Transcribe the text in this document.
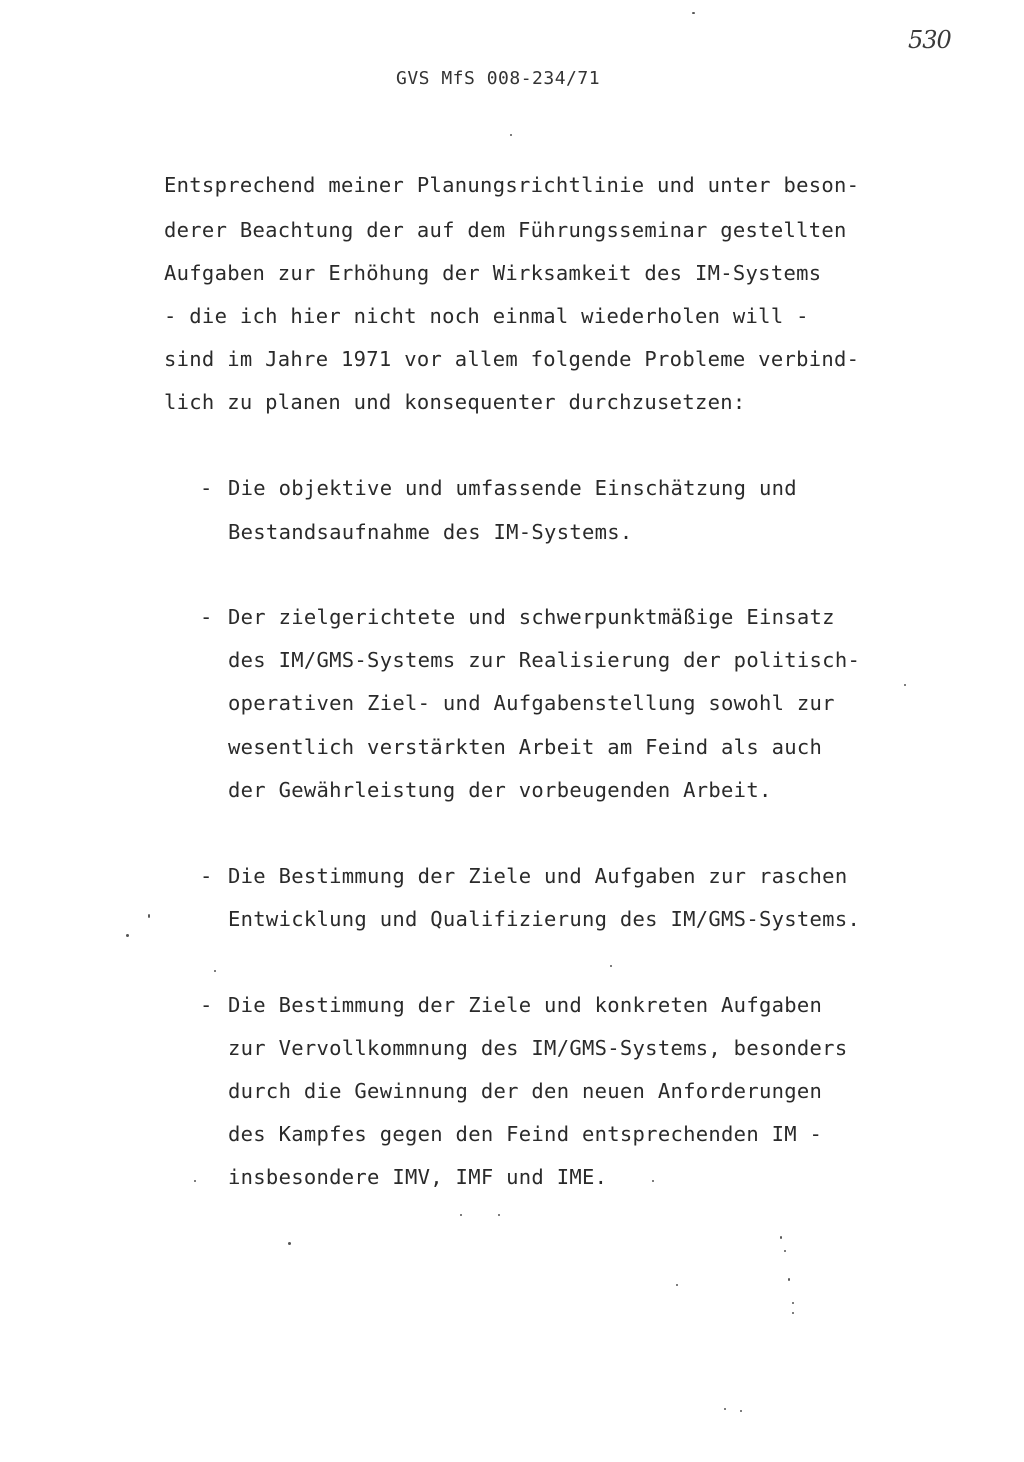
530
GVS MfS 008-234/71
Entsprechend meiner Planungsrichtlinie und unter beson-
derer Beachtung der auf dem Führungsseminar gestellten
Aufgaben zur Erhöhung der Wirksamkeit des IM-Systems
- die ich hier nicht noch einmal wiederholen will -
sind im Jahre 1971 vor allem folgende Probleme verbind-
lich zu planen und konsequenter durchzusetzen:
- Die objektive und umfassende Einschätzung und
Bestandsaufnahme des IM-Systems.
- Der zielgerichtete und schwerpunktmäßige Einsatz
des IM/GMS-Systems zur Realisierung der politisch-
operativen Ziel- und Aufgabenstellung sowohl zur
wesentlich verstärkten Arbeit am Feind als auch
der Gewährleistung der vorbeugenden Arbeit.
- Die Bestimmung der Ziele und Aufgaben zur raschen
Entwicklung und Qualifizierung des IM/GMS-Systems.
- Die Bestimmung der Ziele und konkreten Aufgaben
zur Vervollkommnung des IM/GMS-Systems, besonders
durch die Gewinnung der den neuen Anforderungen
des Kampfes gegen den Feind entsprechenden IM -
insbesondere IMV, IMF und IME.
